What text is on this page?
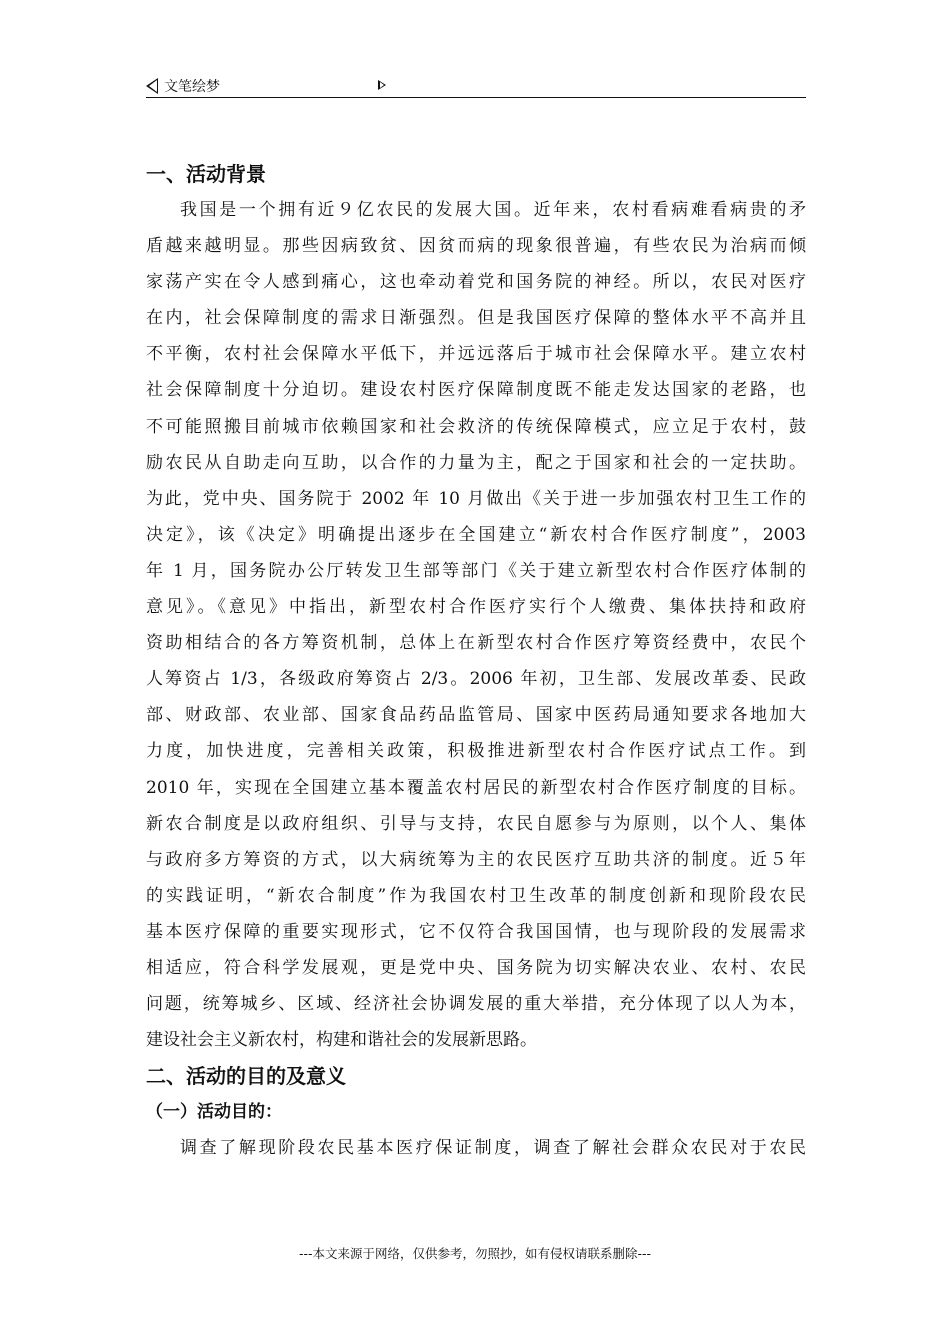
文笔绘梦
一、活动背景
我国是一个拥有近９亿农民的发展大国。近年来，农村看病难看病贵的矛
盾越来越明显。那些因病致贫、因贫而病的现象很普遍，有些农民为治病而倾
家荡产实在令人感到痛心，这也牵动着党和国务院的神经。所以，农民对医疗
在内，社会保障制度的需求日渐强烈。但是我国医疗保障的整体水平不高并且
不平衡，农村社会保障水平低下，并远远落后于城市社会保障水平。建立农村
社会保障制度十分迫切。建设农村医疗保障制度既不能走发达国家的老路，也
不可能照搬目前城市依赖国家和社会救济的传统保障模式，应立足于农村，鼓
励农民从自助走向互助，以合作的力量为主，配之于国家和社会的一定扶助。
为此，党中央、国务院于 2002 年 10 月做出《关于进一步加强农村卫生工作的
决定》，该《决定》明确提出逐步在全国建立“新农村合作医疗制度”，2003
年 1 月，国务院办公厅转发卫生部等部门《关于建立新型农村合作医疗体制的
意见》。《意见》中指出，新型农村合作医疗实行个人缴费、集体扶持和政府
资助相结合的各方筹资机制，总体上在新型农村合作医疗筹资经费中，农民个
人筹资占 1/3，各级政府筹资占 2/3。2006 年初，卫生部、发展改革委、民政
部、财政部、农业部、国家食品药品监管局、国家中医药局通知要求各地加大
力度，加快进度，完善相关政策，积极推进新型农村合作医疗试点工作。到
2010 年，实现在全国建立基本覆盖农村居民的新型农村合作医疗制度的目标。
新农合制度是以政府组织、引导与支持，农民自愿参与为原则，以个人、集体
与政府多方筹资的方式，以大病统筹为主的农民医疗互助共济的制度。近５年
的实践证明，“新农合制度”作为我国农村卫生改革的制度创新和现阶段农民
基本医疗保障的重要实现形式，它不仅符合我国国情，也与现阶段的发展需求
相适应，符合科学发展观，更是党中央、国务院为切实解决农业、农村、农民
问题，统筹城乡、区域、经济社会协调发展的重大举措，充分体现了以人为本，
建设社会主义新农村，构建和谐社会的发展新思路。
二、活动的目的及意义
（一）活动目的：
调查了解现阶段农民基本医疗保证制度，调查了解社会群众农民对于农民
---本文来源于网络，仅供参考，勿照抄，如有侵权请联系删除---
